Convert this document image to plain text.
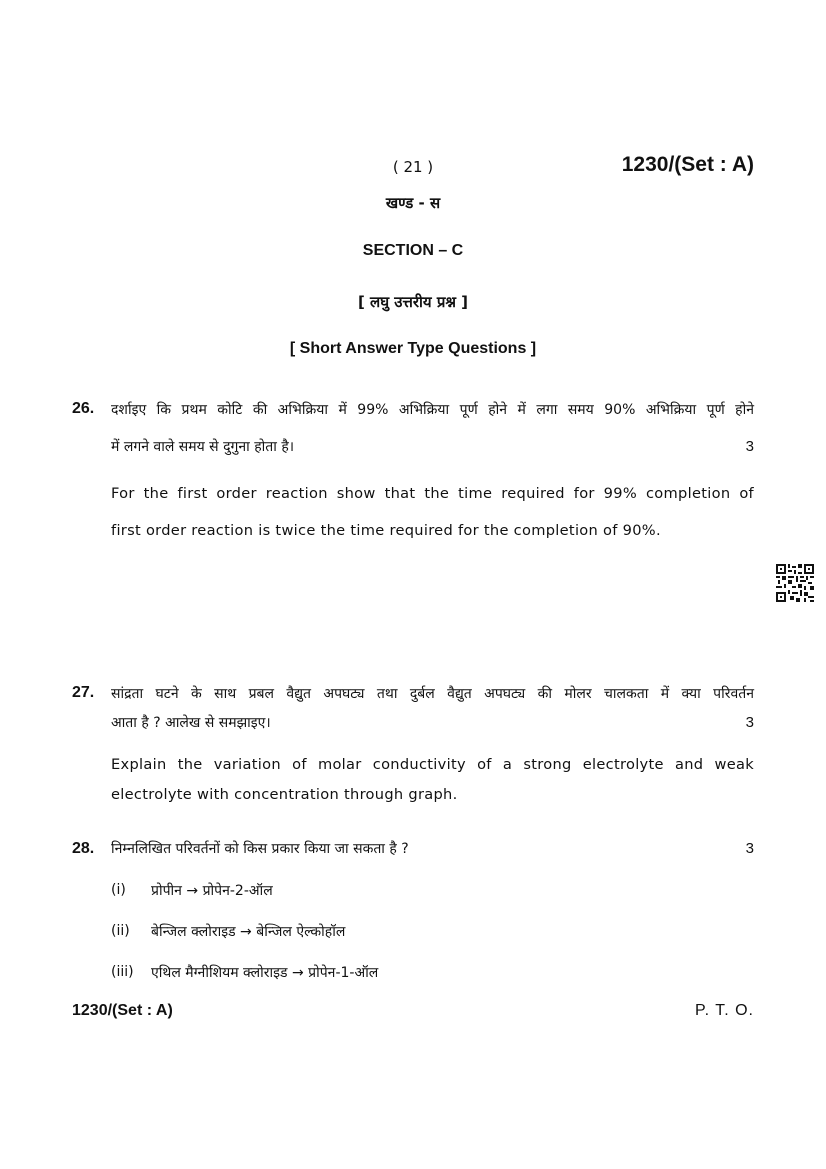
( 21 )	1230/(Set : A)
खण्ड - स
SECTION – C
[ लघु उत्तरीय प्रश्न ]
[ Short Answer Type Questions ]
26. दर्शाइए कि प्रथम कोटि की अभिक्रिया में 99% अभिक्रिया पूर्ण होने में लगा समय 90% अभिक्रिया पूर्ण होने
में लगने वाले समय से दुगुना होता है।	3
For the first order reaction show that the time required for 99% completion of
first order reaction is twice the time required for the completion of 90%.
27. सांद्रता घटने के साथ प्रबल वैद्युत अपघट्य तथा दुर्बल वैद्युत अपघट्य की मोलर चालकता में क्या परिवर्तन
आता है ? आलेख से समझाइए।	3
Explain the variation of molar conductivity of a strong electrolyte and weak
electrolyte with concentration through graph.
28. निम्नलिखित परिवर्तनों को किस प्रकार किया जा सकता है ?	3
(i) प्रोपीन → प्रोपेन-2-ऑल
(ii) बेन्जिल क्लोराइड → बेन्जिल ऐल्कोहॉल
(iii) एथिल मैग्नीशियम क्लोराइड → प्रोपेन-1-ऑल
1230/(Set : A)	P. T. O.
